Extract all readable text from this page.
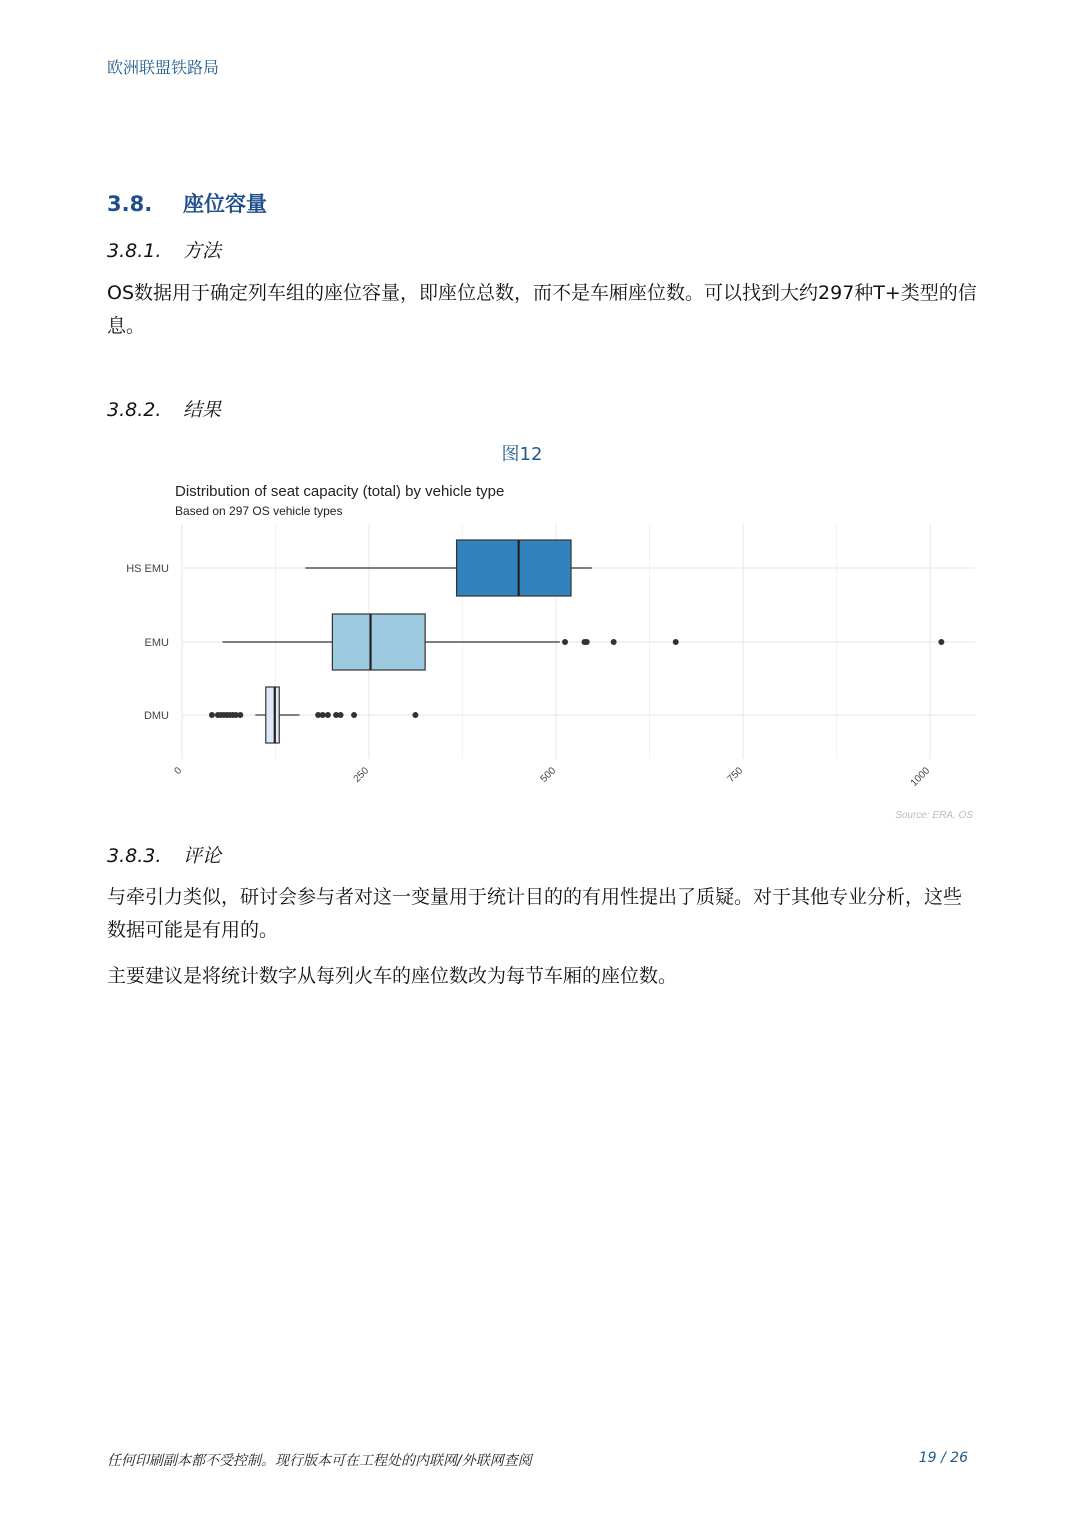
欧洲联盟铁路局
3.8. 座位容量
3.8.1. 方法
OS数据用于确定列车组的座位容量，即座位总数，而不是车厢座位数。可以找到大约297种T+类型的信息。
3.8.2. 结果
图12
Distribution of seat capacity (total) by vehicle type
Based on 297 OS vehicle types
HS EMU
EMU
DMU
0	250	500	750	1000
Source: ERA, OS
3.8.3. 评论
与牵引力类似，研讨会参与者对这一变量用于统计目的的有用性提出了质疑。对于其他专业分析，这些数据可能是有用的。
主要建议是将统计数字从每列火车的座位数改为每节车厢的座位数。
任何印刷副本都不受控制。现行版本可在工程处的内联网/外联网查阅	19 / 26
